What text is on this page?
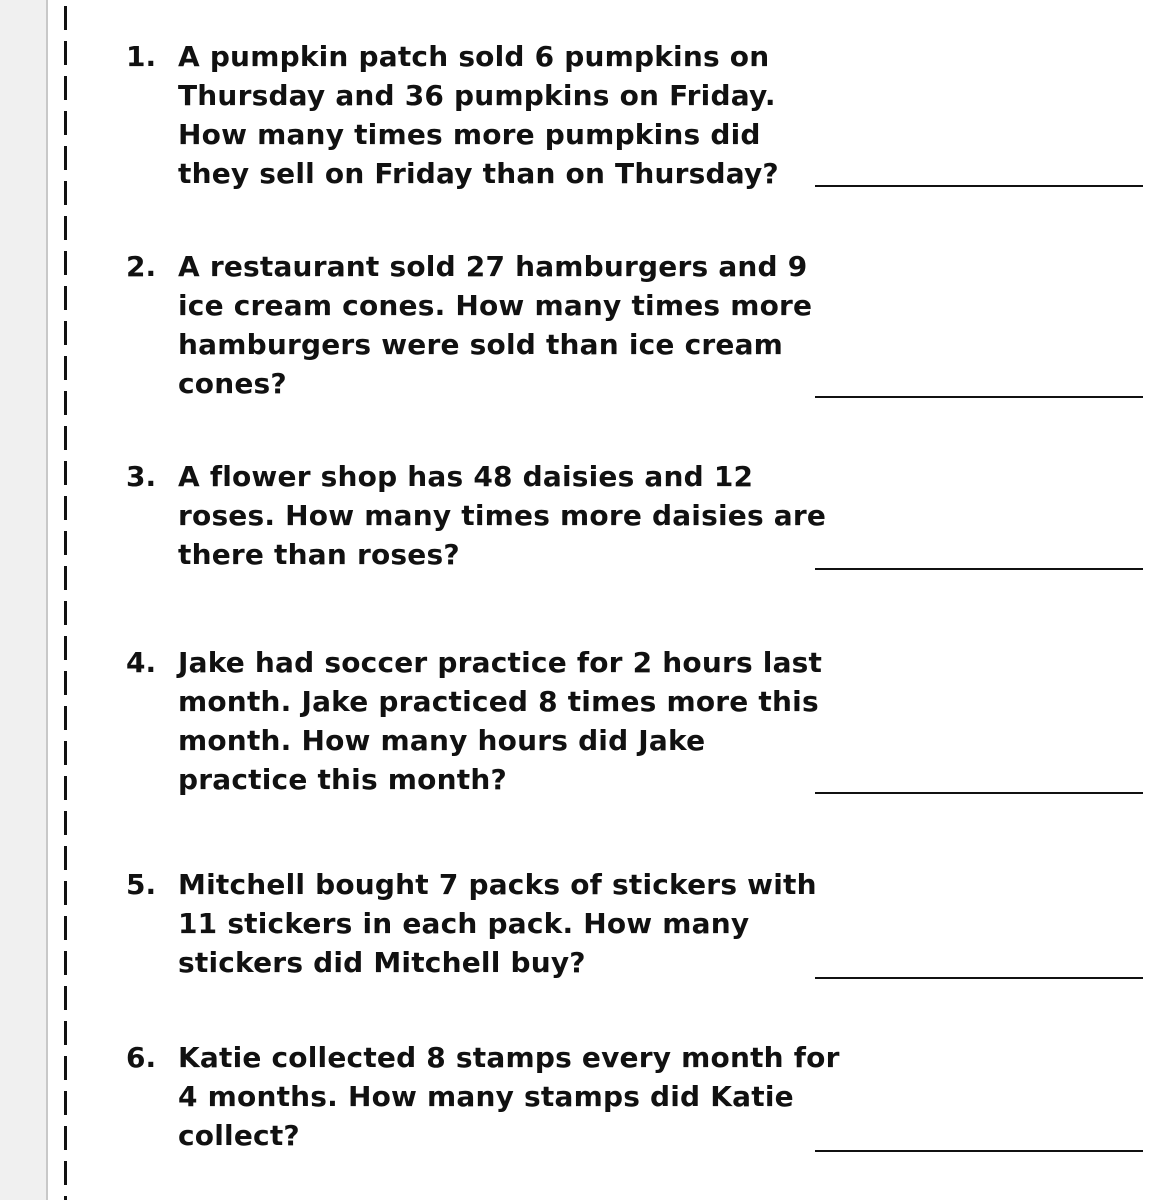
1. A pumpkin patch sold 6 pumpkins on
Thursday and 36 pumpkins on Friday.
How many times more pumpkins did
they sell on Friday than on Thursday?
2. A restaurant sold 27 hamburgers and 9
ice cream cones. How many times more
hamburgers were sold than ice cream
cones?
3. A flower shop has 48 daisies and 12
roses. How many times more daisies are
there than roses?
4. Jake had soccer practice for 2 hours last
month. Jake practiced 8 times more this
month. How many hours did Jake
practice this month?
5. Mitchell bought 7 packs of stickers with
11 stickers in each pack. How many
stickers did Mitchell buy?
6. Katie collected 8 stamps every month for
4 months. How many stamps did Katie
collect?
